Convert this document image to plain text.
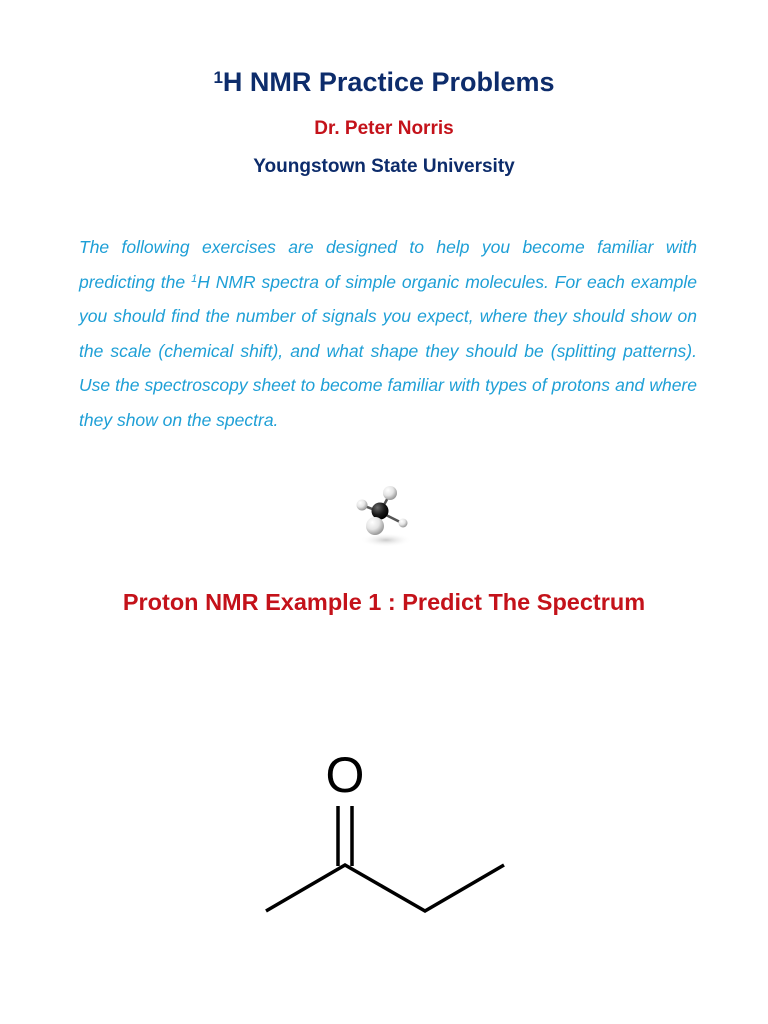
$^1$H NMR Practice Problems

Dr. Peter Norris

Youngstown State University

The following exercises are designed to help you become familiar with predicting the $^1$H NMR spectra of simple organic molecules. For each example you should find the number of signals you expect, where they should show on the scale (chemical shift), and what shape they should be (splitting patterns). Use the spectroscopy sheet to become familiar with types of protons and where they show on the spectra.

Proton NMR Example 1 : Predict The Spectrum
O
